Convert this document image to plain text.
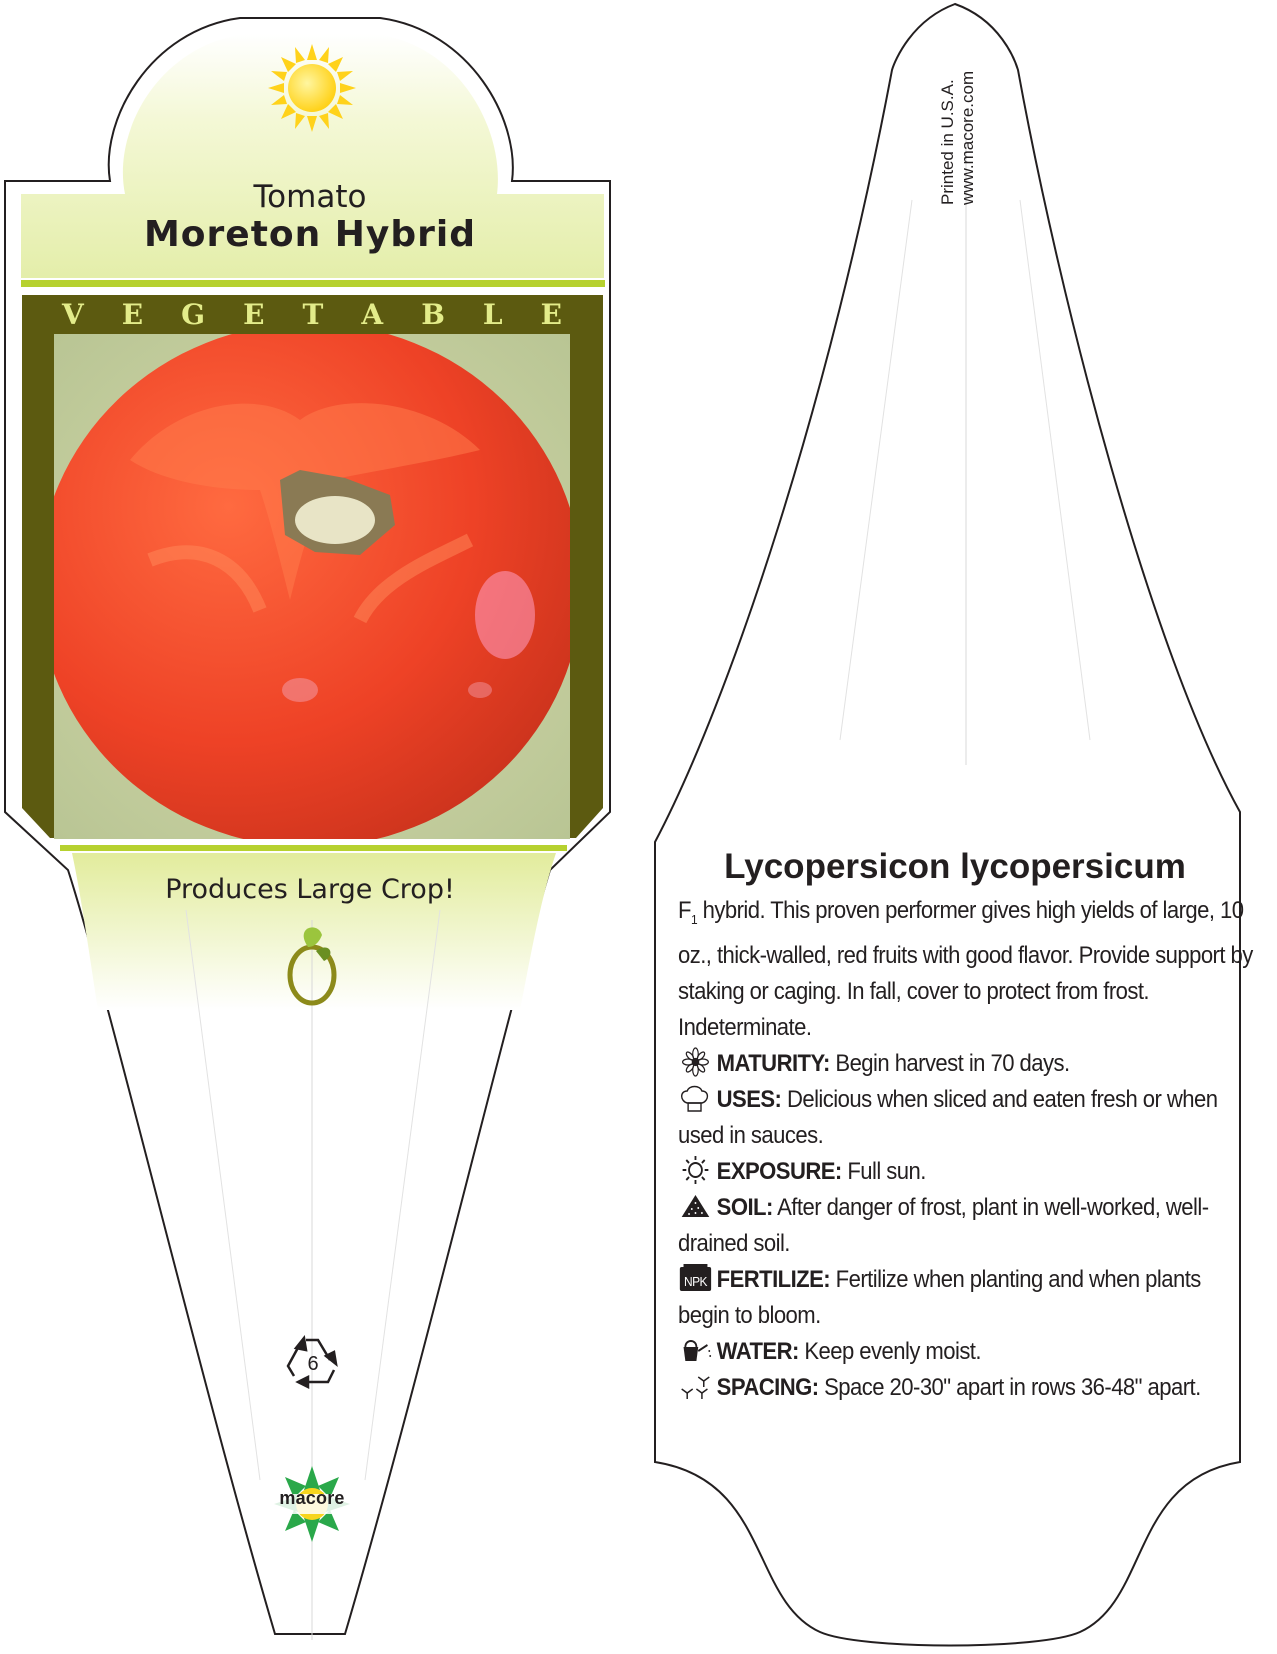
Tomato
Moreton Hybrid
V E G E T A B L E
Produces Large Crop!
6
macore
Printed in U.S.A. www.macore.com
Lycopersicon lycopersicum

$F_1$ hybrid. This proven performer gives high yields of large, 10 oz., thick-walled, red fruits with good flavor. Provide support by staking or caging. In fall, cover to protect from frost. Indeterminate.

MATURITY: Begin harvest in 70 days.

USES: Delicious when sliced and eaten fresh or when used in sauces.

EXPOSURE: Full sun.

SOIL: After danger of frost, plant in well-worked, well-drained soil.

NPK FERTILIZE: Fertilize when planting and when plants begin to bloom.

WATER: Keep evenly moist.

SPACING: Space 20-30" apart in rows 36-48" apart.
